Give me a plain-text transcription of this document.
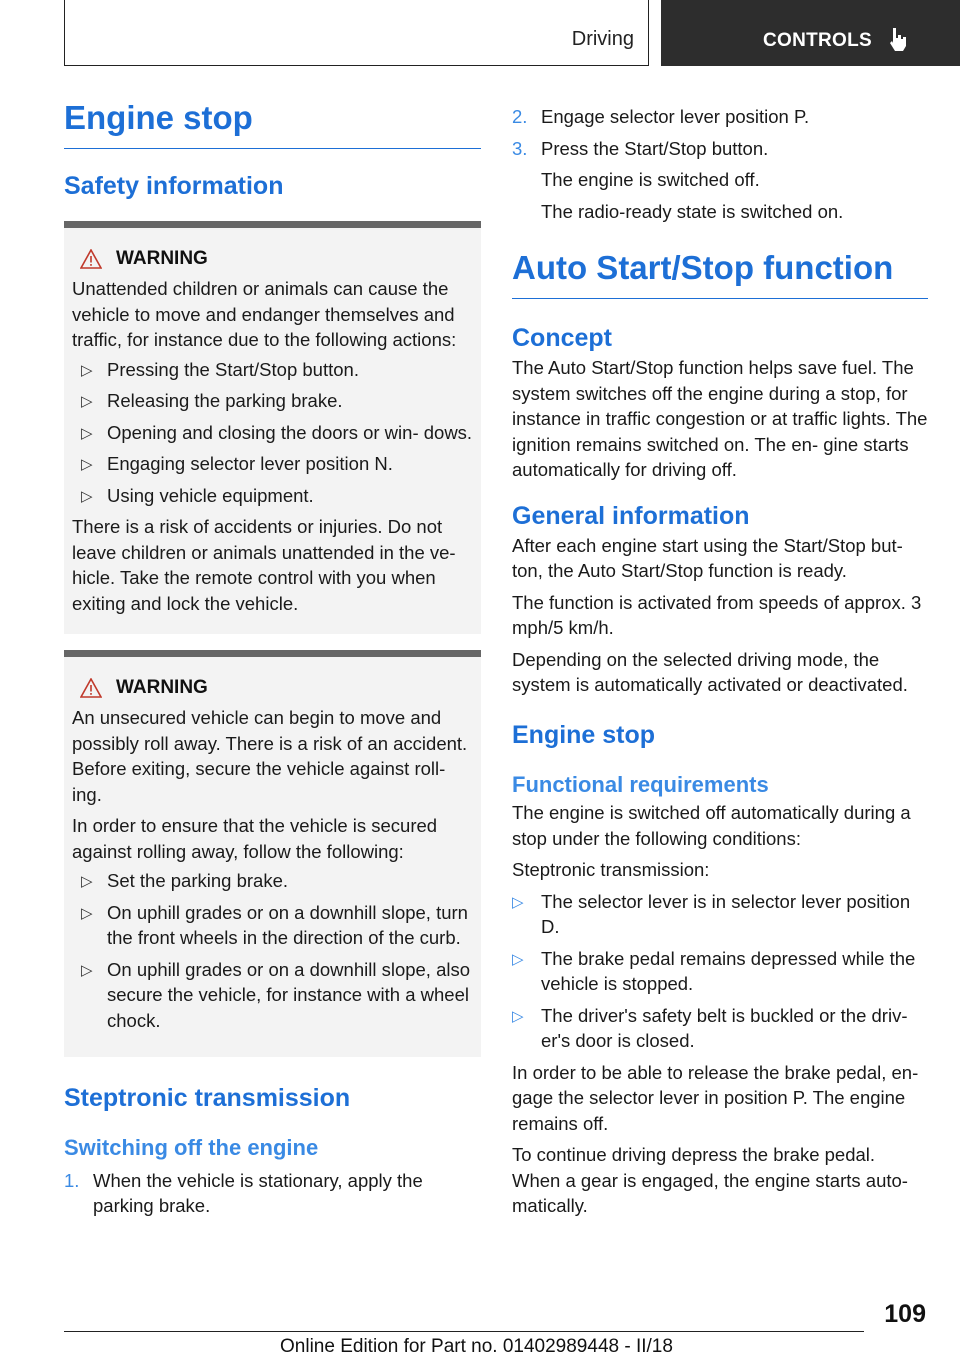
Driving	CONTROLS
Engine stop
Safety information
WARNING
Unattended children or animals can cause the vehicle to move and endanger themselves and traffic, for instance due to the following actions:
▷ Pressing the Start/Stop button.
▷ Releasing the parking brake.
▷ Opening and closing the doors or win- dows.
▷ Engaging selector lever position N.
▷ Using vehicle equipment.
There is a risk of accidents or injuries. Do not leave children or animals unattended in the ve- hicle. Take the remote control with you when exiting and lock the vehicle.
WARNING
An unsecured vehicle can begin to move and possibly roll away. There is a risk of an accident. Before exiting, secure the vehicle against roll- ing.
In order to ensure that the vehicle is secured against rolling away, follow the following:
▷ Set the parking brake.
▷ On uphill grades or on a downhill slope, turn the front wheels in the direction of the curb.
▷ On uphill grades or on a downhill slope, also secure the vehicle, for instance with a wheel chock.
Steptronic transmission
Switching off the engine
1. When the vehicle is stationary, apply the parking brake.
2. Engage selector lever position P.
3. Press the Start/Stop button.
The engine is switched off.
The radio-ready state is switched on.
Auto Start/Stop function
Concept
The Auto Start/Stop function helps save fuel. The system switches off the engine during a stop, for instance in traffic congestion or at traffic lights. The ignition remains switched on. The en- gine starts automatically for driving off.
General information
After each engine start using the Start/Stop but- ton, the Auto Start/Stop function is ready.
The function is activated from speeds of approx. 3 mph/5 km/h.
Depending on the selected driving mode, the system is automatically activated or deactivated.
Engine stop
Functional requirements
The engine is switched off automatically during a stop under the following conditions:
Steptronic transmission:
▷ The selector lever is in selector lever position D.
▷ The brake pedal remains depressed while the vehicle is stopped.
▷ The driver's safety belt is buckled or the driv- er's door is closed.
In order to be able to release the brake pedal, en- gage the selector lever in position P. The engine remains off.
To continue driving depress the brake pedal. When a gear is engaged, the engine starts auto- matically.
109
Online Edition for Part no. 01402989448 - II/18
